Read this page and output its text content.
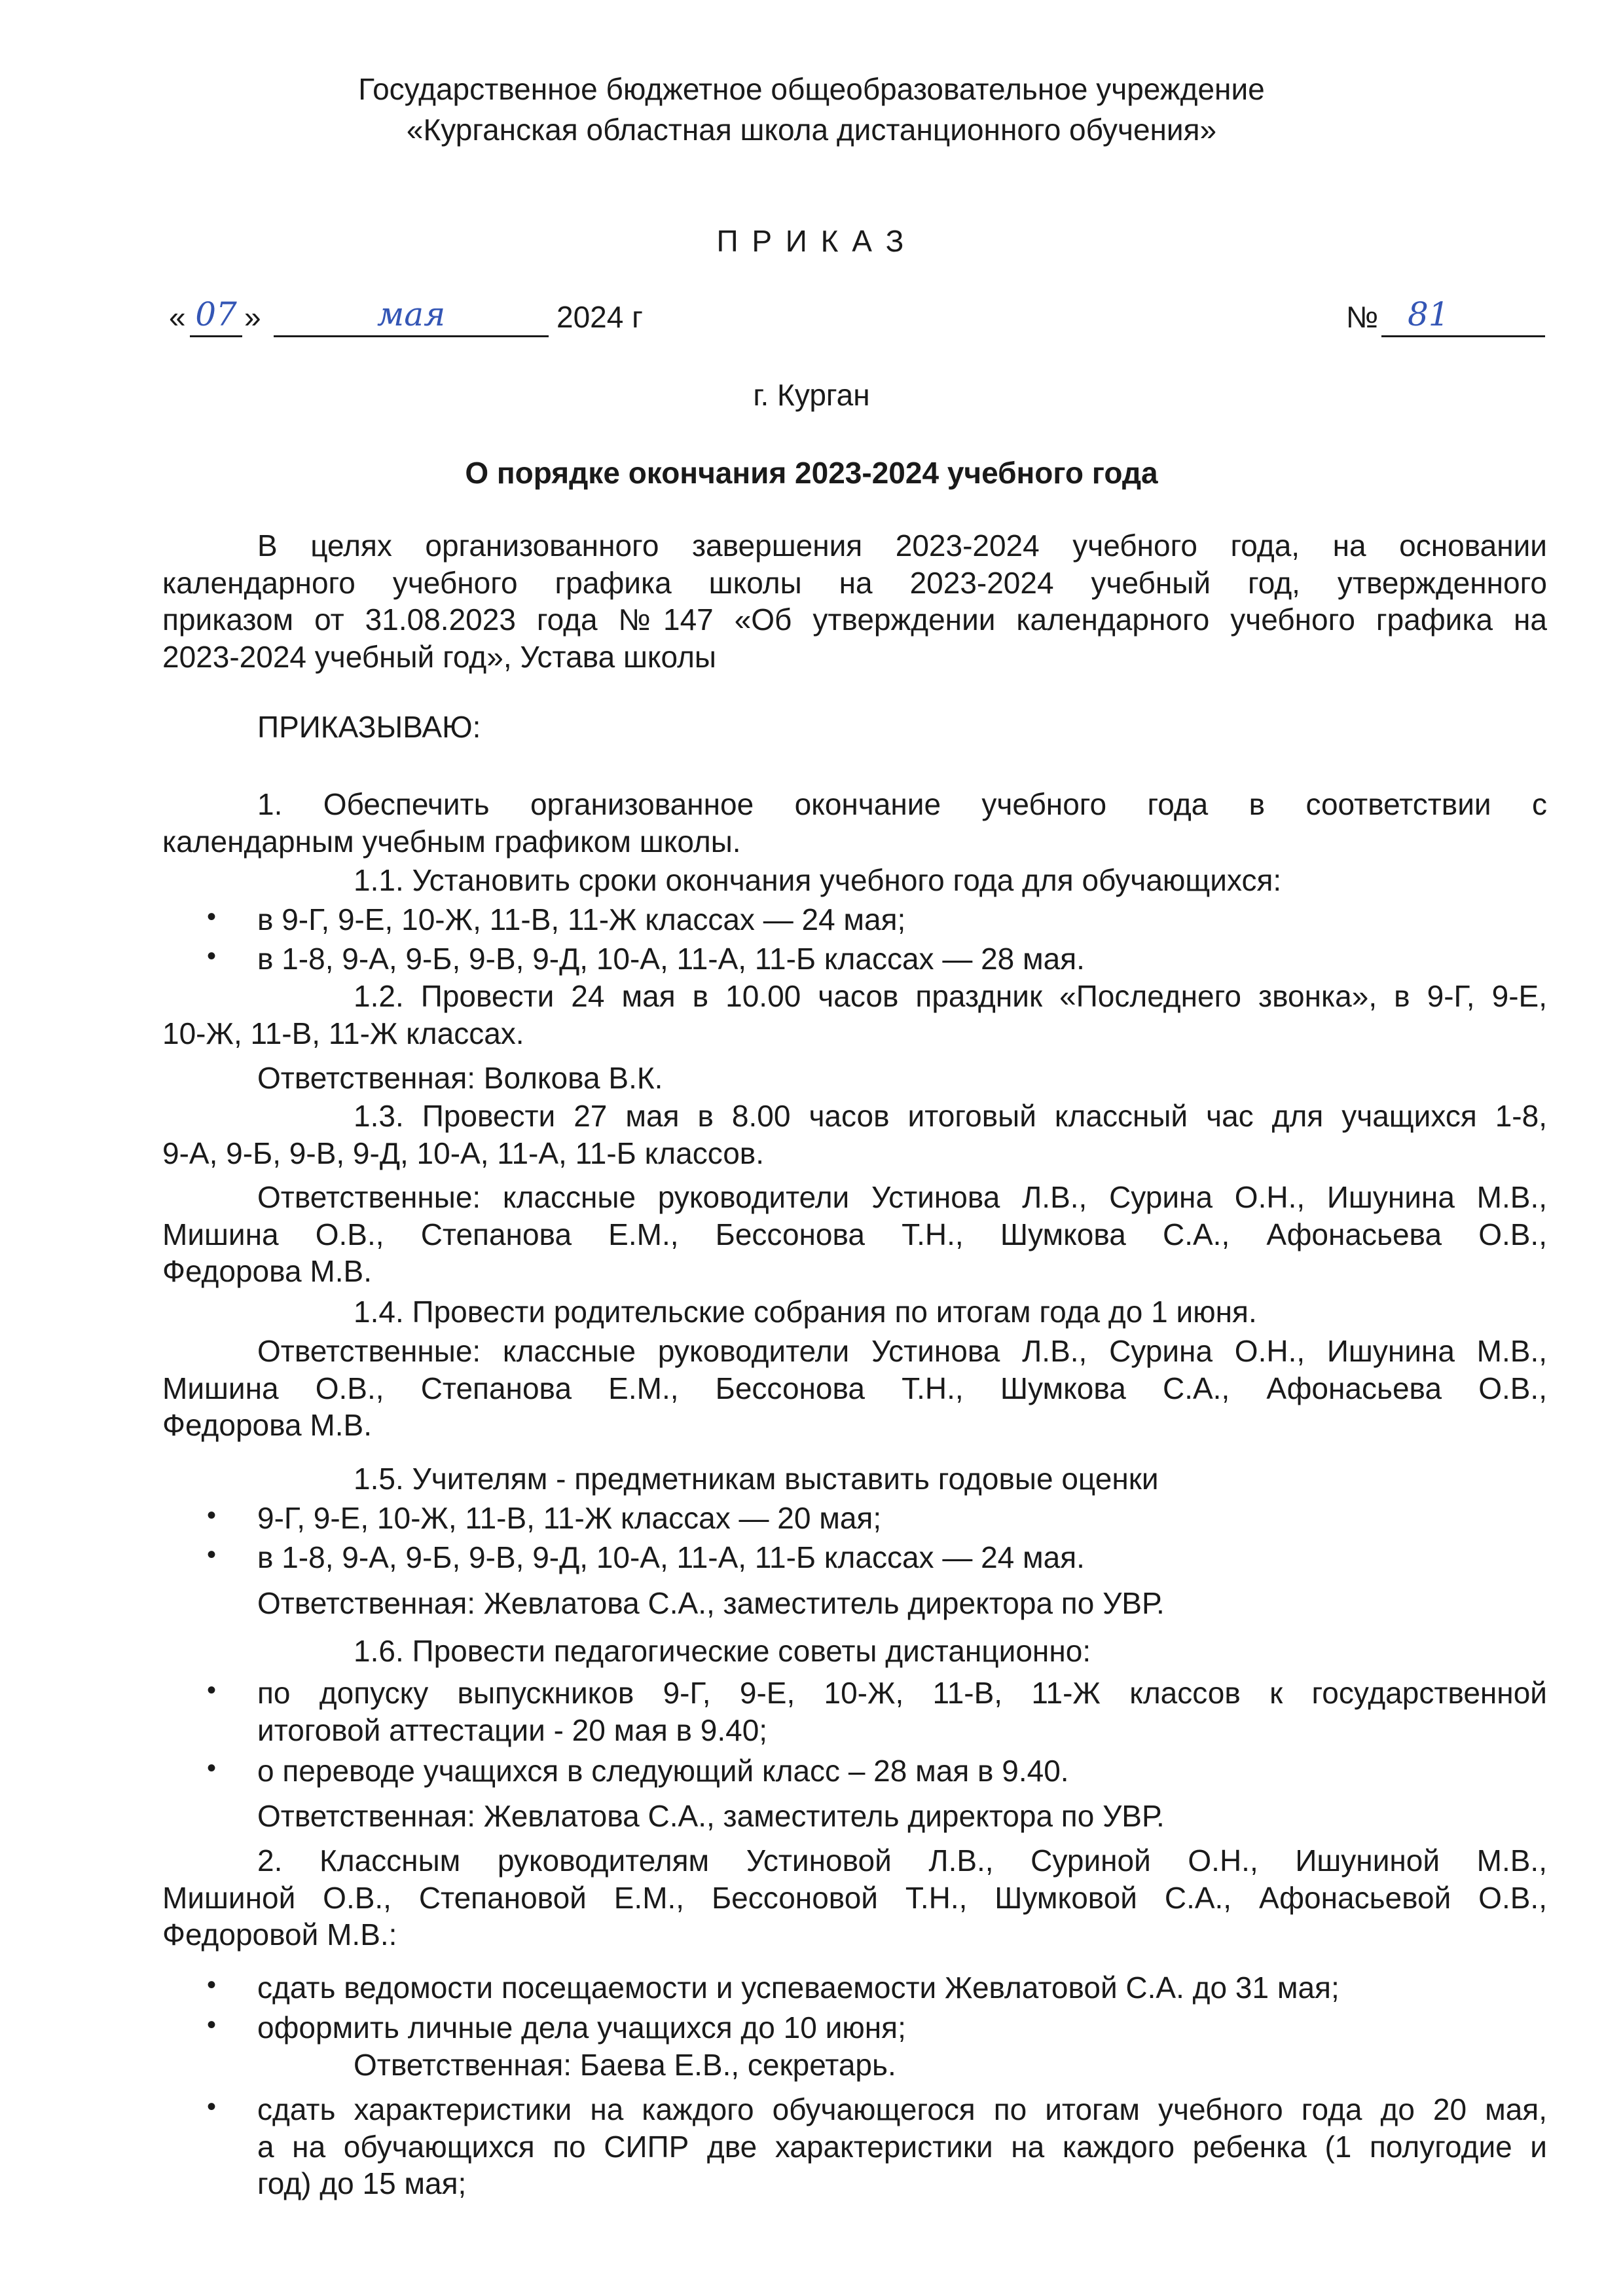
Государственное бюджетное общеобразовательное учреждение
«Курганская областная школа дистанционного обучения»
П Р И К А З
« 07 »	мая	2024 г	№ 81
г. Курган
О порядке окончания 2023-2024 учебного года
В целях организованного завершения 2023-2024 учебного года, на основании
календарного учебного графика школы на 2023-2024 учебный год, утвержденного
приказом от 31.08.2023 года №147 «Об утверждении календарного учебного графика на
2023-2024 учебный год», Устава школы
ПРИКАЗЫВАЮ:
1. Обеспечить организованное окончание учебного года в соответствии с
календарным учебным графиком школы.
1.1. Установить сроки окончания учебного года для обучающихся:
• в 9-Г, 9-Е, 10-Ж, 11-В, 11-Ж классах — 24 мая;
• в 1-8, 9-А, 9-Б, 9-В, 9-Д, 10-А, 11-А, 11-Б классах — 28 мая.
1.2. Провести 24 мая в 10.00 часов праздник «Последнего звонка», в 9-Г, 9-Е,
10-Ж, 11-В, 11-Ж классах.
Ответственная: Волкова В.К.
1.3. Провести 27 мая в 8.00 часов итоговый классный час для учащихся 1-8,
9-А, 9-Б, 9-В, 9-Д, 10-А, 11-А, 11-Б классов.
Ответственные: классные руководители Устинова Л.В., Сурина О.Н., Ишунина М.В.,
Мишина О.В., Степанова Е.М., Бессонова Т.Н., Шумкова С.А., Афонасьева О.В.,
Федорова М.В.
1.4. Провести родительские собрания по итогам года до 1 июня.
Ответственные: классные руководители Устинова Л.В., Сурина О.Н., Ишунина М.В.,
Мишина О.В., Степанова Е.М., Бессонова Т.Н., Шумкова С.А., Афонасьева О.В.,
Федорова М.В.
1.5. Учителям - предметникам выставить годовые оценки
• 9-Г, 9-Е, 10-Ж, 11-В, 11-Ж классах — 20 мая;
• в 1-8, 9-А, 9-Б, 9-В, 9-Д, 10-А, 11-А, 11-Б классах — 24 мая.
Ответственная: Жевлатова С.А., заместитель директора по УВР.
1.6. Провести педагогические советы дистанционно:
• по допуску выпускников 9-Г, 9-Е, 10-Ж, 11-В, 11-Ж классов к государственной
итоговой аттестации - 20 мая в 9.40;
• о переводе учащихся в следующий класс – 28 мая в 9.40.
Ответственная: Жевлатова С.А., заместитель директора по УВР.
2. Классным руководителям Устиновой Л.В., Суриной О.Н., Ишуниной М.В.,
Мишиной О.В., Степановой Е.М., Бессоновой Т.Н., Шумковой С.А., Афонасьевой О.В.,
Федоровой М.В.:
• сдать ведомости посещаемости и успеваемости Жевлатовой С.А. до 31 мая;
• оформить личные дела учащихся до 10 июня;
Ответственная: Баева Е.В., секретарь.
• сдать характеристики на каждого обучающегося по итогам учебного года до 20 мая,
а на обучающихся по СИПР две характеристики на каждого ребенка (1 полугодие и
год) до 15 мая;
